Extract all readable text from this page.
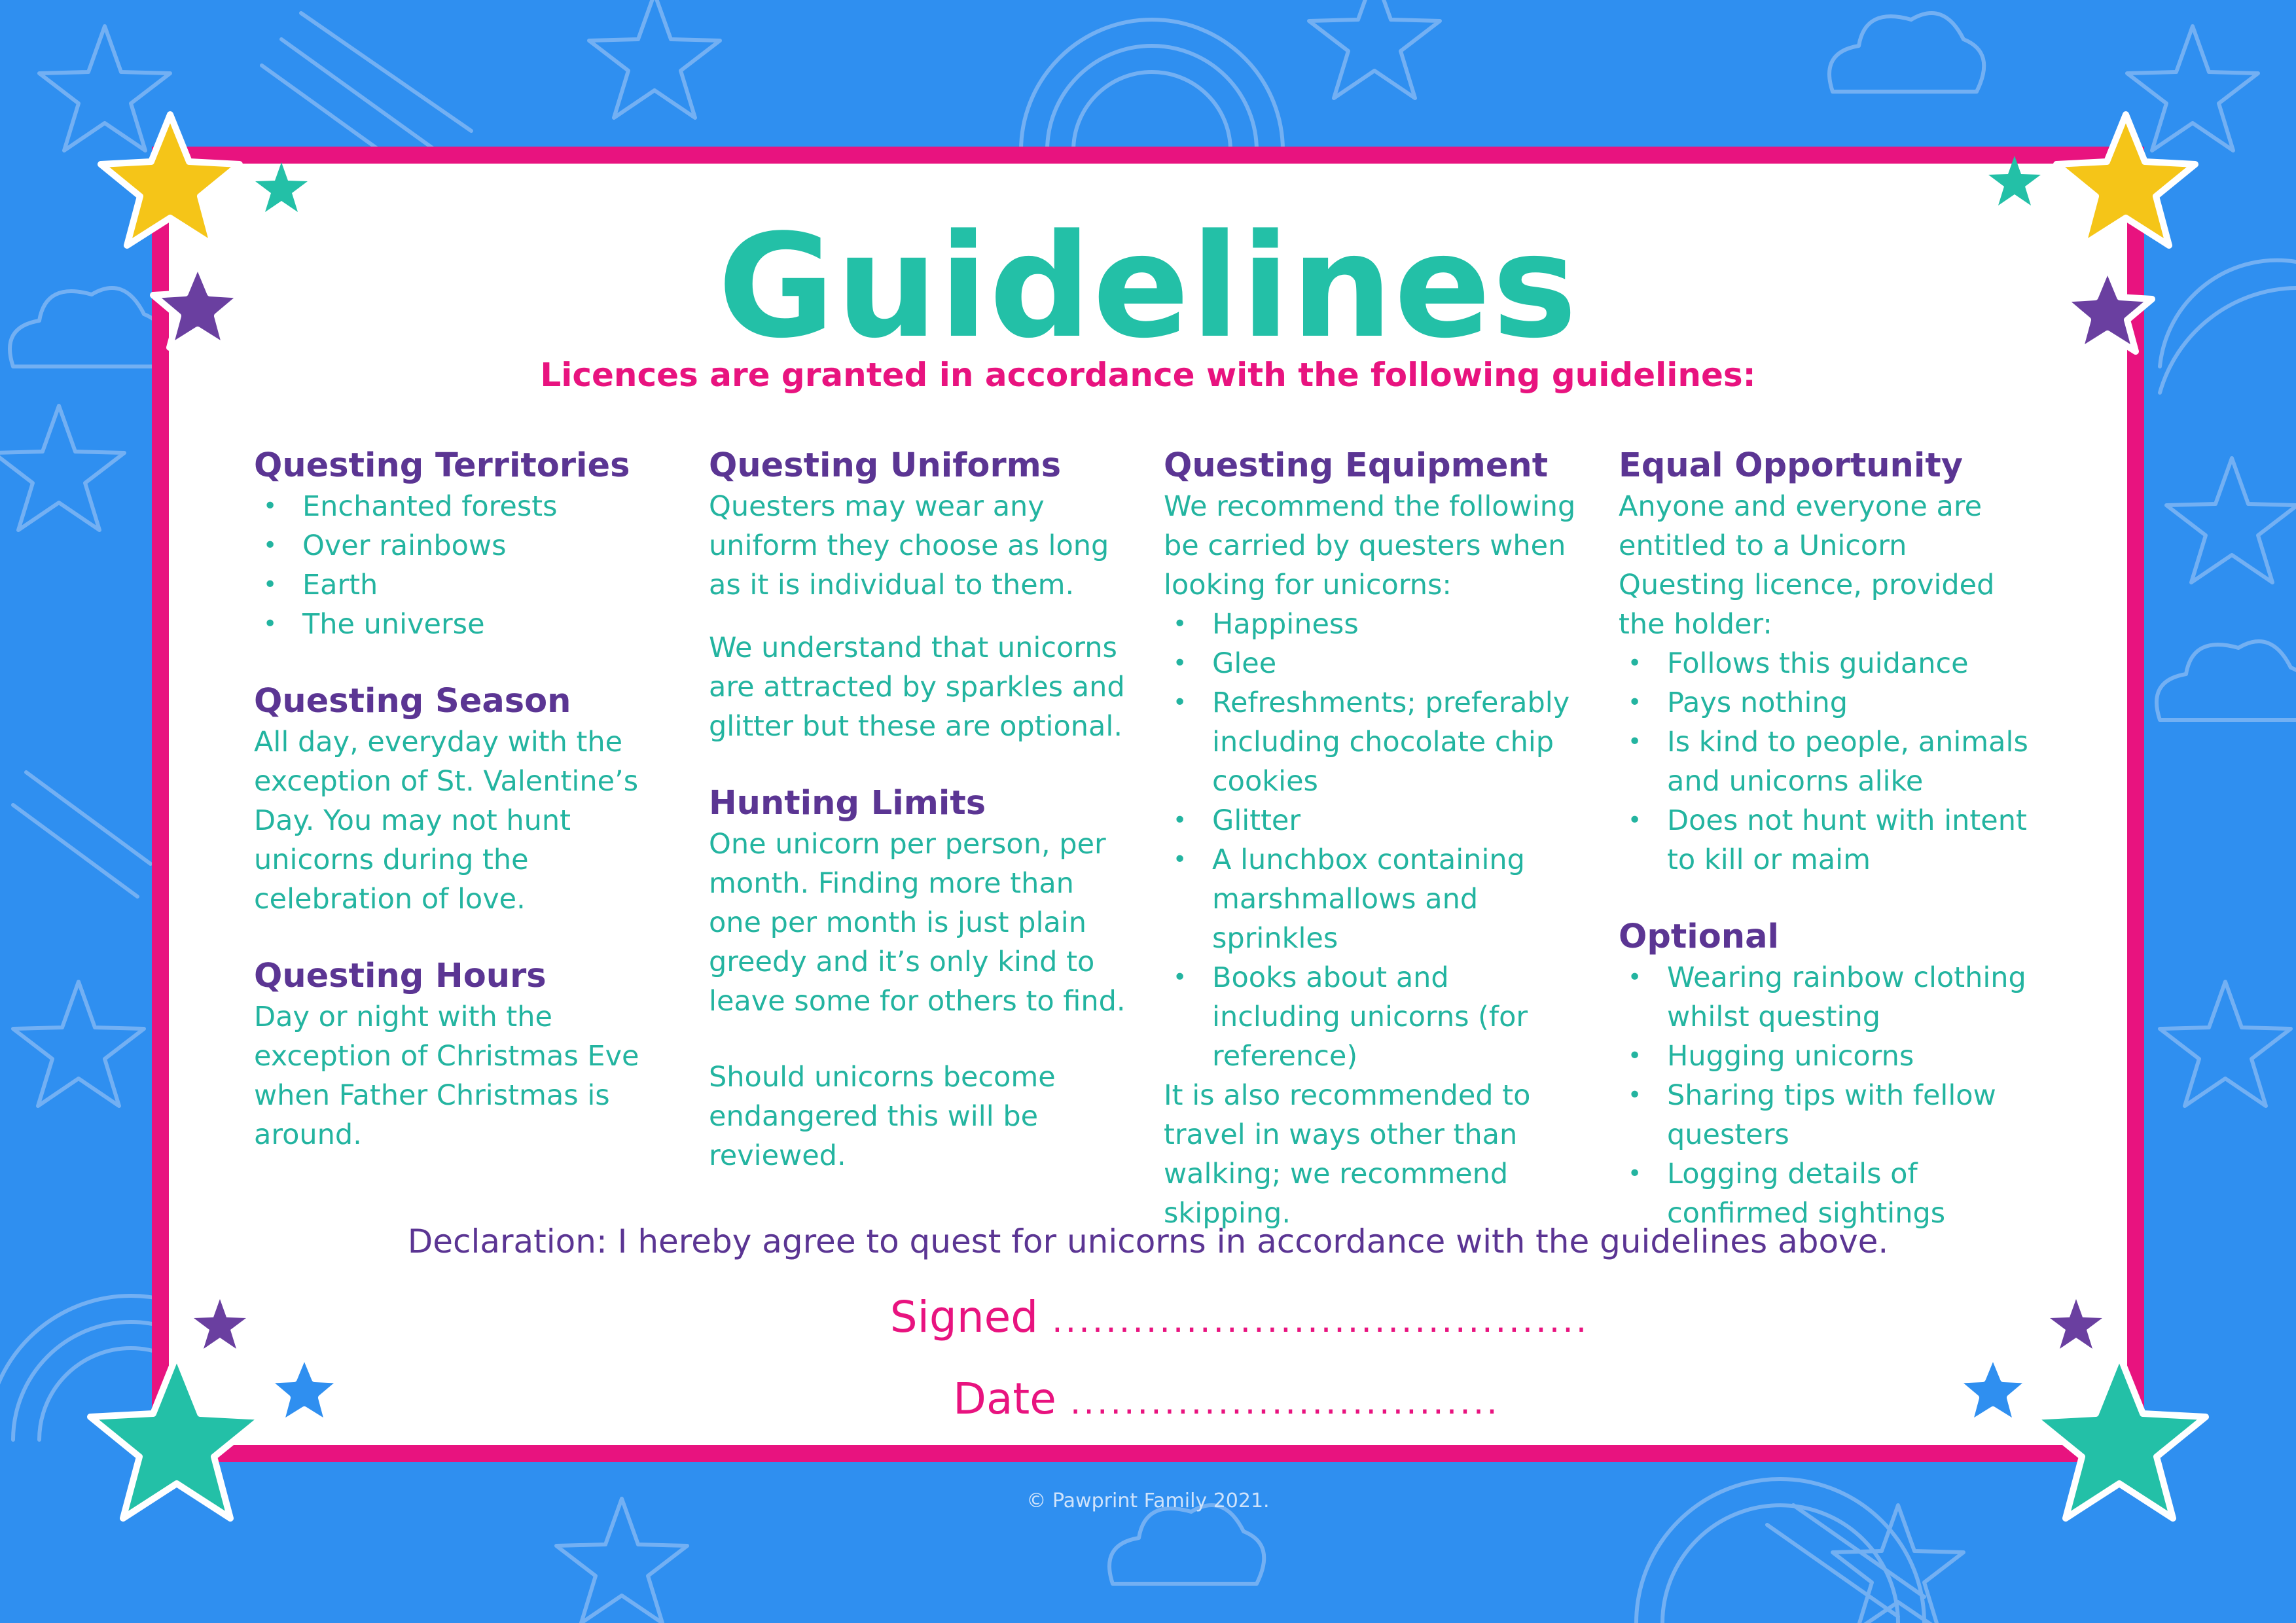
Guidelines
Licences are granted in accordance with the following guidelines:
Questing Territories
• Enchanted forests
• Over rainbows
• Earth
• The universe
Questing Season

All day, everyday with the exception of St. Valentine’s Day. You may not hunt unicorns during the celebration of love.

Questing Hours

Day or night with the exception of Christmas Eve when Father Christmas is around.

Questing Uniforms

Questers may wear any uniform they choose as long as it is individual to them.

We understand that unicorns are attracted by sparkles and glitter but these are optional.

Hunting Limits

One unicorn per person, per month. Finding more than one per month is just plain greedy and it’s only kind to leave some for others to find.

Should unicorns become endangered this will be reviewed.

Questing Equipment

We recommend the following be carried by questers when looking for unicorns:

• Happiness
• Glee
• Refreshments; preferably including chocolate chip cookies
• Glitter
• A lunchbox containing marshmallows and sprinkles
• Books about and including unicorns (for reference)

It is also recommended to travel in ways other than walking; we recommend skipping.

Equal Opportunity

Anyone and everyone are entitled to a Unicorn Questing licence, provided the holder:

• Follows this guidance
• Pays nothing
• Is kind to people, animals and unicorns alike
• Does not hunt with intent to kill or maim
Optional
• Wearing rainbow clothing whilst questing
• Hugging unicorns
• Sharing tips with fellow questers
• Logging details of confirmed sightings
Declaration: I hereby agree to quest for unicorns in accordance with the guidelines above.
Signed ........................................
Date ................................
© Pawprint Family 2021.
